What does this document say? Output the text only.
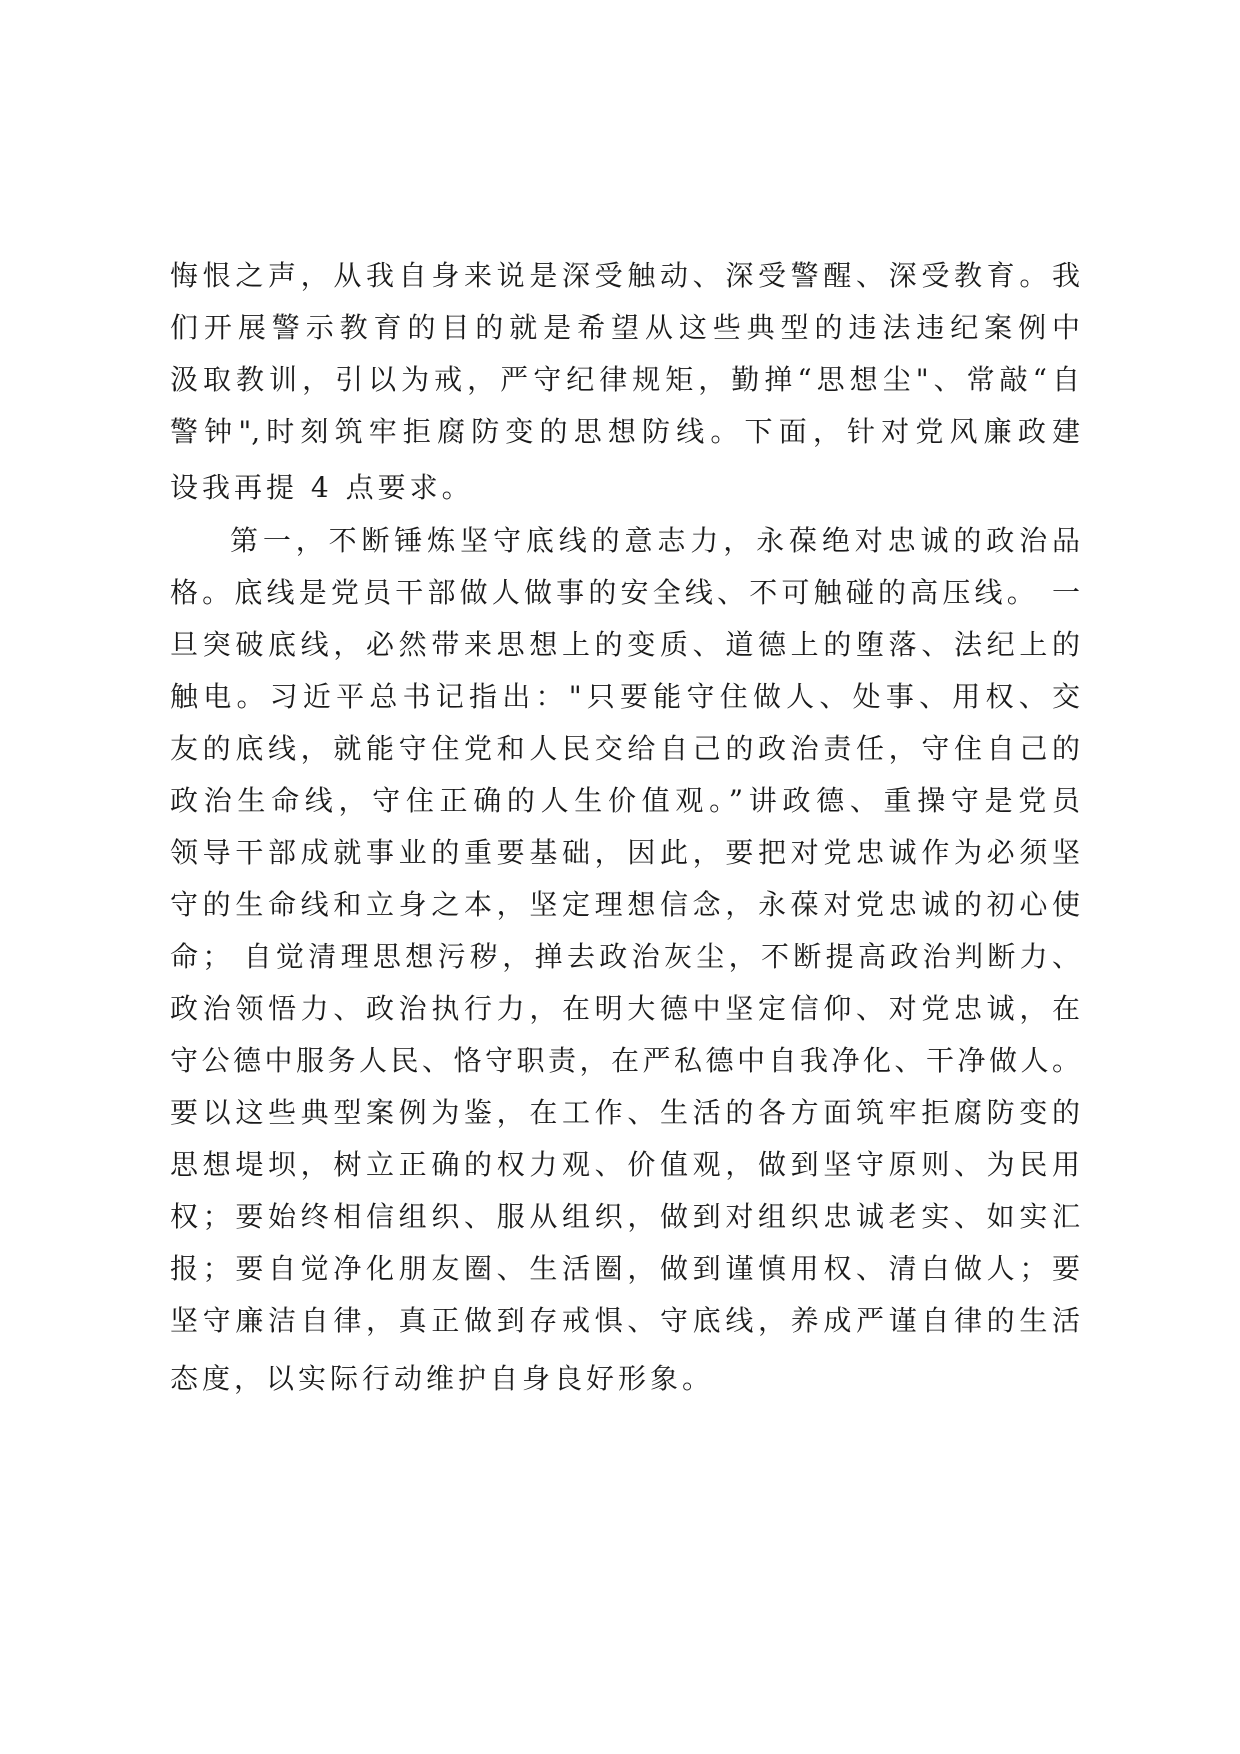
悔恨之声，从我自身来说是深受触动、深受警醒、深受教育。我
们开展警示教育的目的就是希望从这些典型的违法违纪案例中
汲取教训，引以为戒，严守纪律规矩，勤掸“思想尘"、常敲“自
警钟",时刻筑牢拒腐防变的思想防线。下面，针对党风廉政建
设我再提 4 点要求。
第一，不断锤炼坚守底线的意志力，永葆绝对忠诚的政治品
格。底线是党员干部做人做事的安全线、不可触碰的高压线。 一
旦突破底线，必然带来思想上的变质、道德上的堕落、法纪上的
触电。习近平总书记指出："只要能守住做人、处事、用权、交
友的底线，就能守住党和人民交给自己的政治责任，守住自己的
政治生命线，守住正确的人生价值观。”讲政德、重操守是党员
领导干部成就事业的重要基础，因此，要把对党忠诚作为必须坚
守的生命线和立身之本，坚定理想信念，永葆对党忠诚的初心使
命； 自觉清理思想污秽，掸去政治灰尘，不断提高政治判断力、
政治领悟力、政治执行力，在明大德中坚定信仰、对党忠诚，在
守公德中服务人民、恪守职责，在严私德中自我净化、干净做人。
要以这些典型案例为鉴，在工作、生活的各方面筑牢拒腐防变的
思想堤坝，树立正确的权力观、价值观，做到坚守原则、为民用
权；要始终相信组织、服从组织，做到对组织忠诚老实、如实汇
报；要自觉净化朋友圈、生活圈，做到谨慎用权、清白做人；要
坚守廉洁自律，真正做到存戒惧、守底线，养成严谨自律的生活
态度，以实际行动维护自身良好形象。
